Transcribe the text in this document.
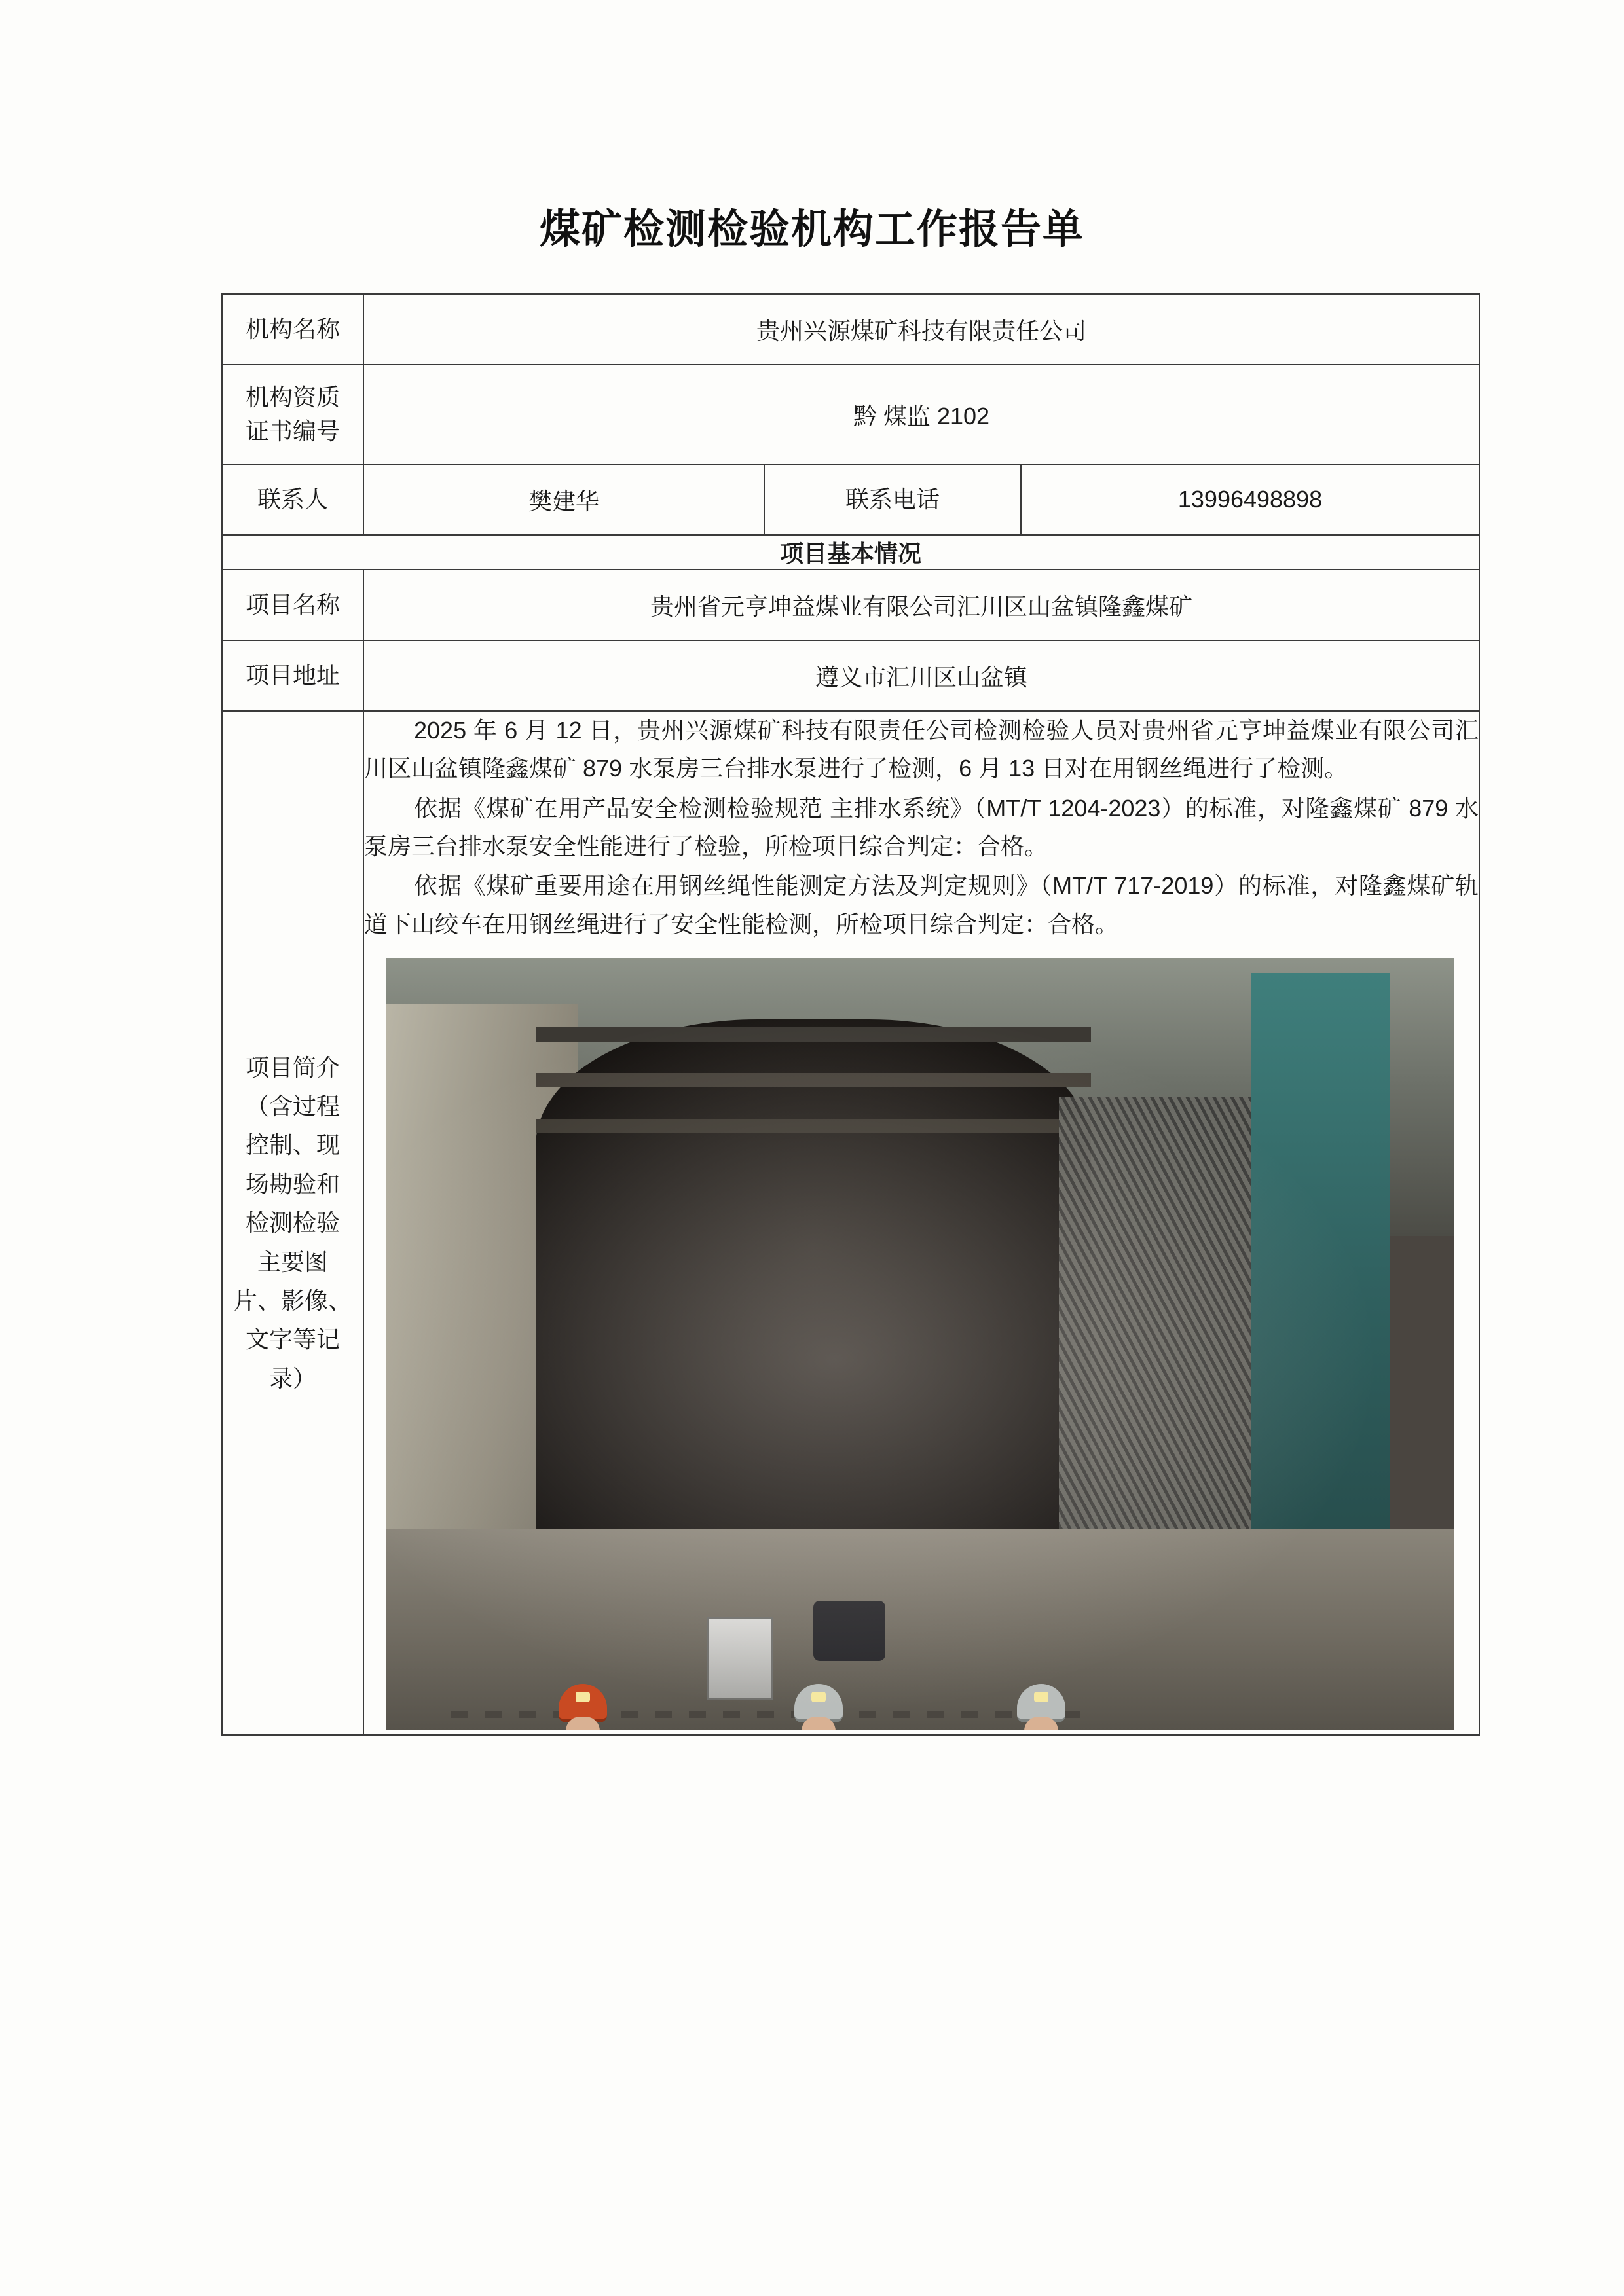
煤矿检测检验机构工作报告单
机构名称	贵州兴源煤矿科技有限责任公司		

机构资质
证书编号	黔 煤监 2102		
联系人	樊建华	联系电话	13996498898
项目基本情况			
项目名称	贵州省元亨坤益煤业有限公司汇川区山盆镇隆鑫煤矿		
项目地址	遵义市汇川区山盆镇		

项目简介
（含过程
控制、现
场勘验和
检测检验
主要图
片、影像、
文字等记
录）

2025 年 6 月 12 日，贵州兴源煤矿科技有限责任公司检测检验人员对贵州省元亨坤益煤业有限公司汇川区山盆镇隆鑫煤矿 879 水泵房三台排水泵进行了检测，6 月 13 日对在用钢丝绳进行了检测。

依据《煤矿在用产品安全检测检验规范 主排水系统》（MT/T 1204-2023）的标准，对隆鑫煤矿 879 水泵房三台排水泵安全性能进行了检验，所检项目综合判定：合格。

依据《煤矿重要用途在用钢丝绳性能测定方法及判定规则》（MT/T 717-2019）的标准，对隆鑫煤矿轨道下山绞车在用钢丝绳进行了安全性能检测，所检项目综合判定：合格。
